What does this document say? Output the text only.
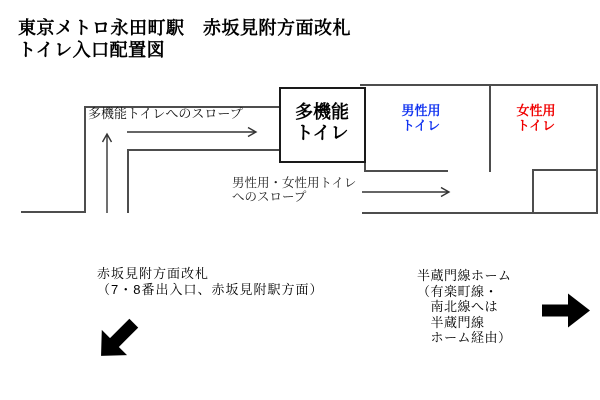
東京メトロ永田町駅　赤坂見附方面改札
トイレ入口配置図
多機能トイレへのスロープ	多機能
トイレ
男性用
トイレ
女性用
トイレ
男性用・女性用トイレ
へのスロープ
赤坂見附方面改札
（7・8番出入口、赤坂見附駅方面）
半蔵門線ホーム
（有楽町線・
　南北線へは
　半蔵門線
　ホーム経由）
